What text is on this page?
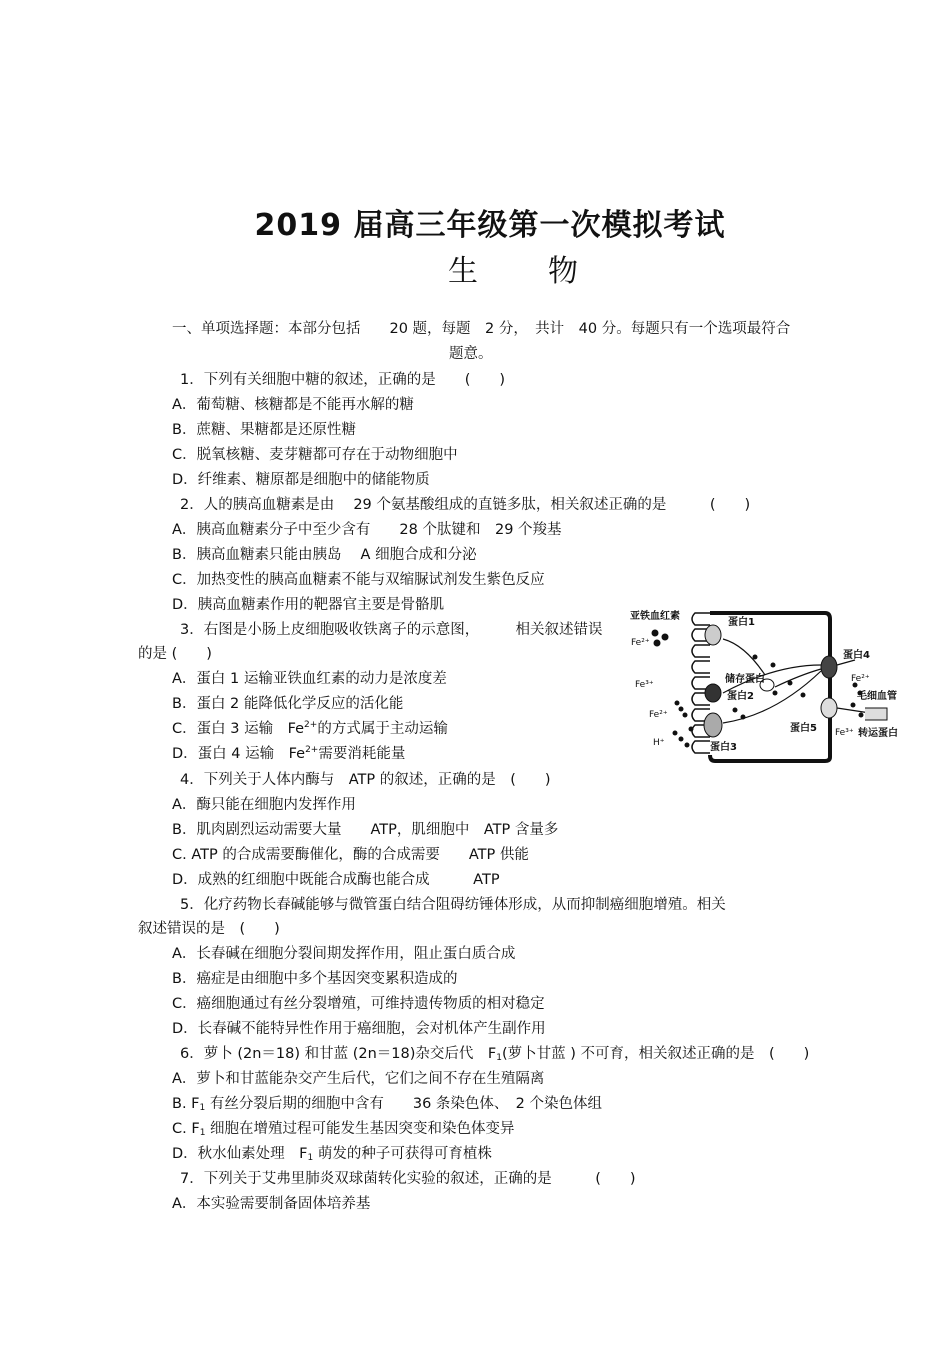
2019 届高三年级第一次模拟考试
生 物
一、单项选择题：本部分包括　　20 题，每题　2 分，　共计　40 分。每题只有一个选项最符合
题意。
1．下列有关细胞中糖的叙述，正确的是　　(　　)
A．葡萄糖、核糖都是不能再水解的糖
B．蔗糖、果糖都是还原性糖
C．脱氧核糖、麦芽糖都可存在于动物细胞中
D．纤维素、糖原都是细胞中的储能物质
2．人的胰高血糖素是由　 29 个氨基酸组成的直链多肽，相关叙述正确的是　　　(　　)
A．胰高血糖素分子中至少含有　　28 个肽键和　29 个羧基
B．胰高血糖素只能由胰岛　 A 细胞合成和分泌
C．加热变性的胰高血糖素不能与双缩脲试剂发生紫色反应
D．胰高血糖素作用的靶器官主要是骨骼肌
3．右图是小肠上皮细胞吸收铁离子的示意图，　　　相关叙述错误
的是 (　　)
A．蛋白 1 运输亚铁血红素的动力是浓度差
B．蛋白 2 能降低化学反应的活化能
C．蛋白 3 运输　$Fe^{2+}$的方式属于主动运输
D．蛋白 4 运输　$Fe^{2+}$需要消耗能量
4．下列关于人体内酶与　ATP 的叙述，正确的是　(　　)
A．酶只能在细胞内发挥作用
B．肌肉剧烈运动需要大量　　ATP，肌细胞中　ATP 含量多
C. ATP 的合成需要酶催化，酶的合成需要　　ATP 供能
D．成熟的红细胞中既能合成酶也能合成　　　ATP
5．化疗药物长春碱能够与微管蛋白结合阻碍纺锤体形成，从而抑制癌细胞增殖。相关
叙述错误的是　(　　)
A．长春碱在细胞分裂间期发挥作用，阻止蛋白质合成
B．癌症是由细胞中多个基因突变累积造成的
C．癌细胞通过有丝分裂增殖，可维持遗传物质的相对稳定
D．长春碱不能特异性作用于癌细胞，会对机体产生副作用
6．萝卜 (2n＝18) 和甘蓝 (2n＝18)杂交后代　$F_1$(萝卜甘蓝 ) 不可育，相关叙述正确的是　(　　)
A．萝卜和甘蓝能杂交产生后代，它们之间不存在生殖隔离
B. $F_1$ 有丝分裂后期的细胞中含有　　36 条染色体、　2 个染色体组
C. $F_1$ 细胞在增殖过程可能发生基因突变和染色体变异
D．秋水仙素处理　$F_1$ 萌发的种子可获得可育植株
7．下列关于艾弗里肺炎双球菌转化实验的叙述，正确的是　　　(　　)
A．本实验需要制备固体培养基
亚铁血红素
蛋白1
储存蛋白
蛋白2
蛋白3
蛋白4
蛋白5
毛细血管
转运蛋白
Fe²⁺
Fe³⁺
Fe²⁺
H⁺
Fe²⁺
Fe³⁺
